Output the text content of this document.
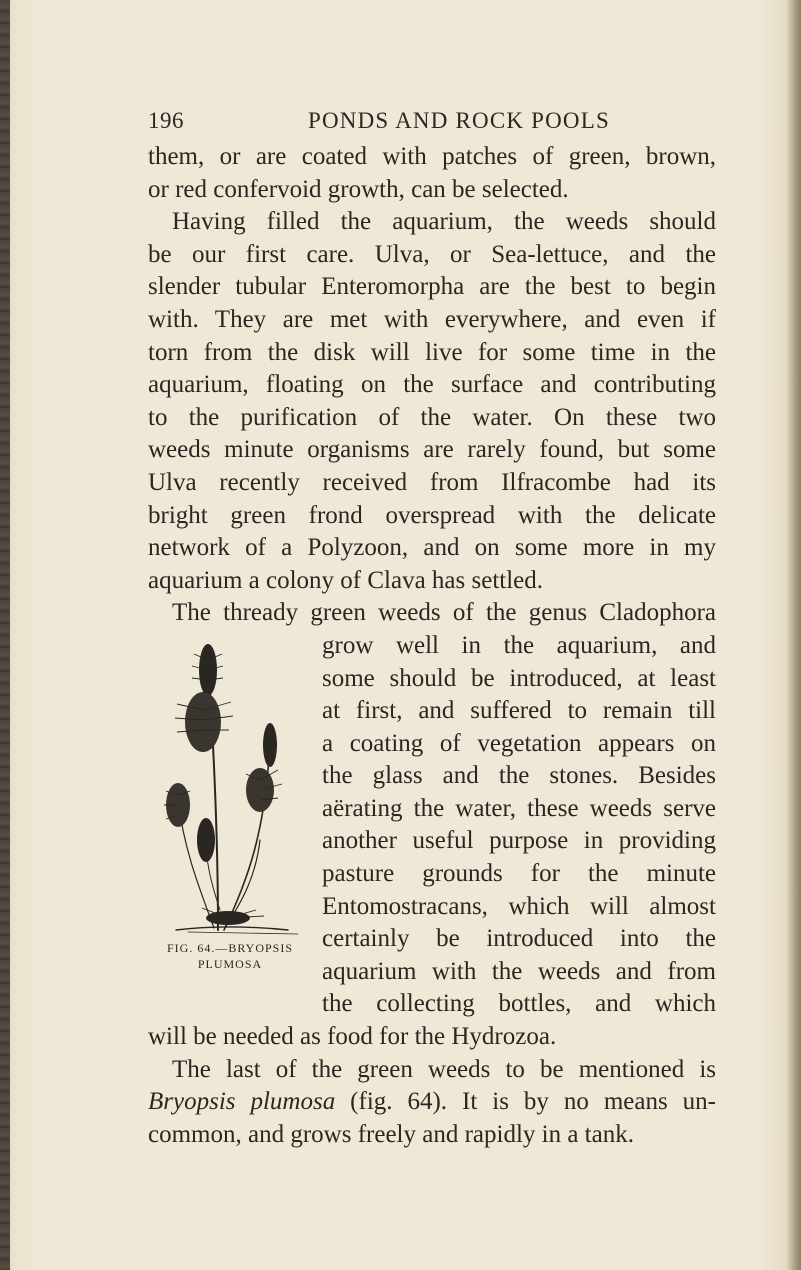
196	PONDS AND ROCK POOLS
them, or are coated with patches of green, brown,
or red confervoid growth, can be selected.
Having filled the aquarium, the weeds should
be our first care. Ulva, or Sea-lettuce, and the
slender tubular Enteromorpha are the best to begin
with. They are met with everywhere, and even if
torn from the disk will live for some time in the
aquarium, floating on the surface and contributing
to the purification of the water. On these two
weeds minute organisms are rarely found, but some
Ulva recently received from Ilfracombe had its
bright green frond overspread with the delicate
network of a Polyzoon, and on some more in my
aquarium a colony of Clava has settled.
The thready green weeds of the genus Cladophora
FIG. 64.—BRYOPSIS
PLUMOSA
grow well in the aquarium, and
some should be introduced, at least
at first, and suffered to remain till
a coating of vegetation appears on
the glass and the stones. Besides
aërating the water, these weeds serve
another useful purpose in providing
pasture grounds for the minute
Entomostracans, which will almost
certainly be introduced into the
aquarium with the weeds and from
the collecting bottles, and which
will be needed as food for the Hydrozoa.
The last of the green weeds to be mentioned is
Bryopsis plumosa (fig. 64). It is by no means un-
common, and grows freely and rapidly in a tank.
